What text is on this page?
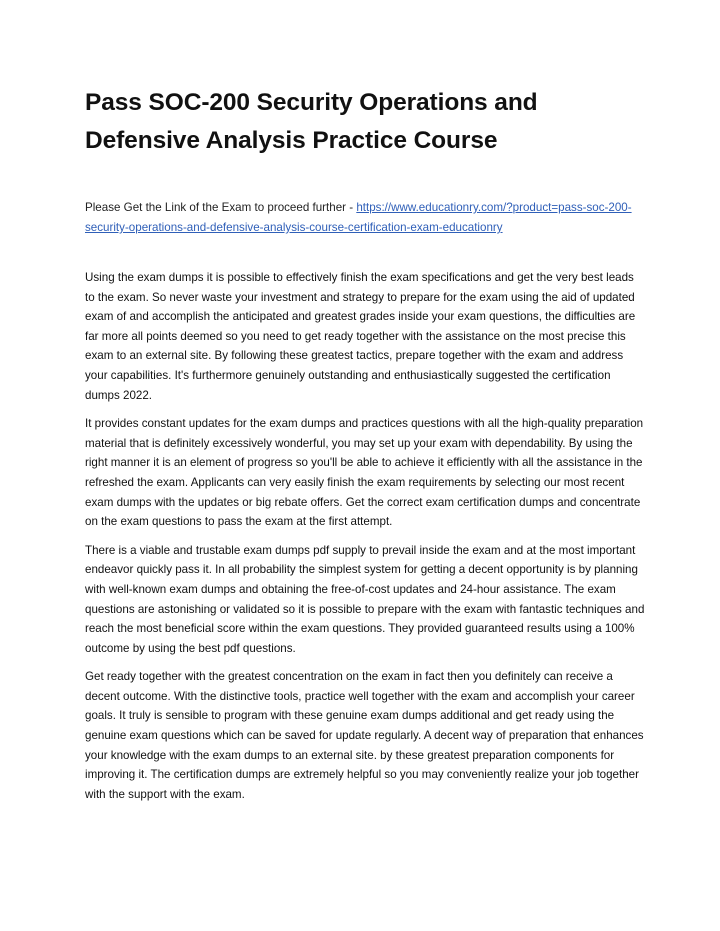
Pass SOC-200 Security Operations and Defensive Analysis Practice Course

Please Get the Link of the Exam to proceed further - https://www.educationry.com/?product=pass-soc-200-security-operations-and-defensive-analysis-course-certification-exam-educationry

Using the exam dumps it is possible to effectively finish the exam specifications and get the very best leads to the exam. So never waste your investment and strategy to prepare for the exam using the aid of updated exam of and accomplish the anticipated and greatest grades inside your exam questions, the difficulties are far more all points deemed so you need to get ready together with the assistance on the most precise this exam to an external site. By following these greatest tactics, prepare together with the exam and address your capabilities. It's furthermore genuinely outstanding and enthusiastically suggested the certification dumps 2022.

It provides constant updates for the exam dumps and practices questions with all the high-quality preparation material that is definitely excessively wonderful, you may set up your exam with dependability. By using the right manner it is an element of progress so you'll be able to achieve it efficiently with all the assistance in the refreshed the exam. Applicants can very easily finish the exam requirements by selecting our most recent exam dumps with the updates or big rebate offers. Get the correct exam certification dumps and concentrate on the exam questions to pass the exam at the first attempt.

There is a viable and trustable exam dumps pdf supply to prevail inside the exam and at the most important endeavor quickly pass it. In all probability the simplest system for getting a decent opportunity is by planning with well-known exam dumps and obtaining the free-of-cost updates and 24-hour assistance. The exam questions are astonishing or validated so it is possible to prepare with the exam with fantastic techniques and reach the most beneficial score within the exam questions. They provided guaranteed results using a 100% outcome by using the best pdf questions.

Get ready together with the greatest concentration on the exam in fact then you definitely can receive a decent outcome. With the distinctive tools, practice well together with the exam and accomplish your career goals. It truly is sensible to program with these genuine exam dumps additional and get ready using the genuine exam questions which can be saved for update regularly. A decent way of preparation that enhances your knowledge with the exam dumps to an external site. by these greatest preparation components for improving it. The certification dumps are extremely helpful so you may conveniently realize your job together with the support with the exam.
